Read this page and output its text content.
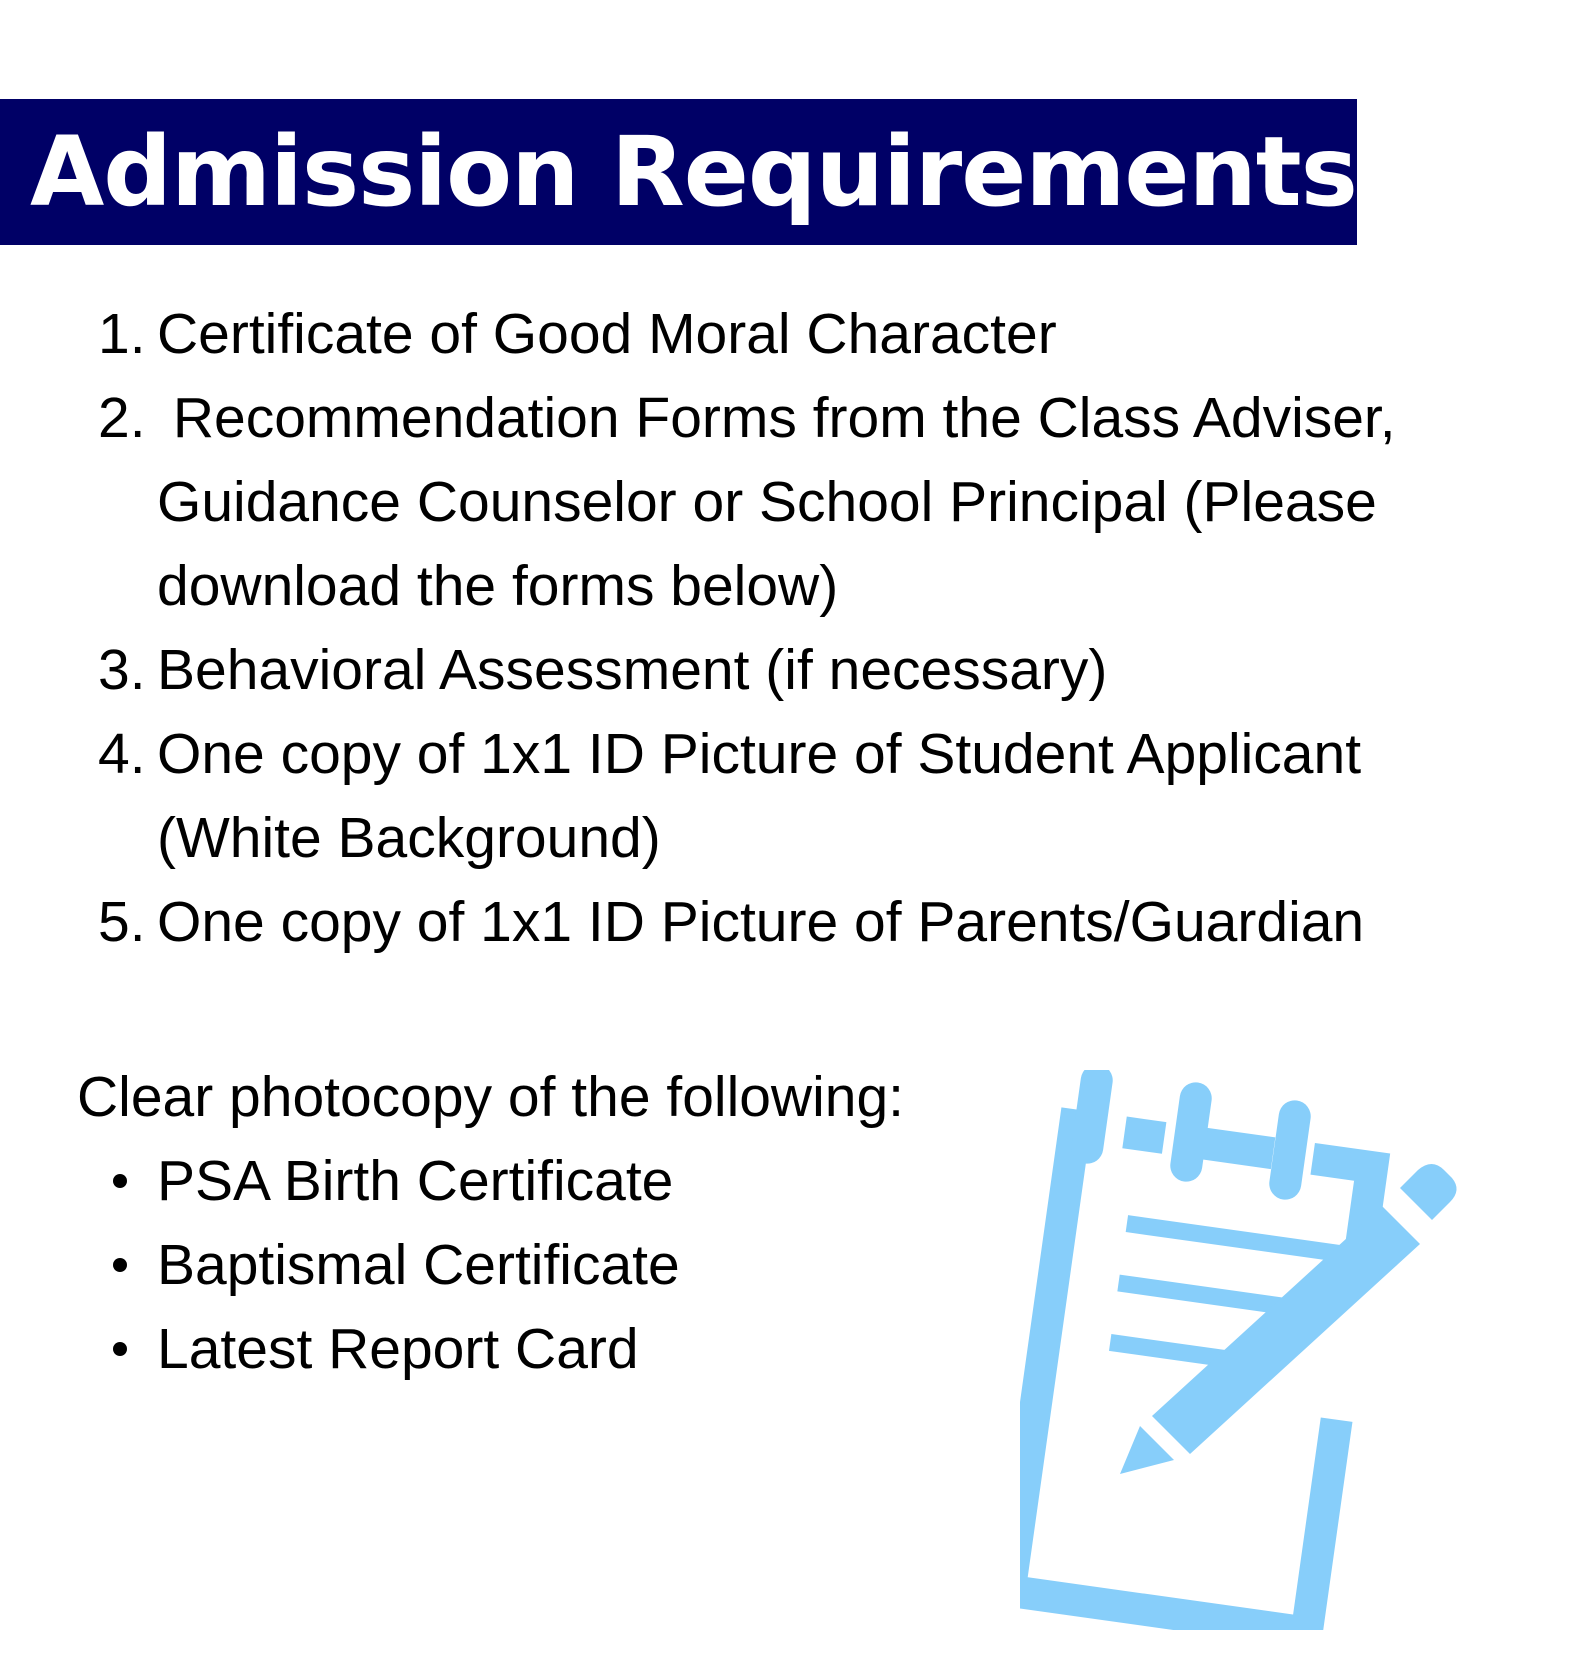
Admission Requirements
1. Certificate of Good Moral Character
2. Recommendation Forms from the Class Adviser,
Guidance Counselor or School Principal (Please
download the forms below)
3. Behavioral Assessment (if necessary)
4. One copy of 1x1 ID Picture of Student Applicant
(White Background)
5. One copy of 1x1 ID Picture of Parents/Guardian
Clear photocopy of the following:
PSA Birth Certificate
Baptismal Certificate
Latest Report Card
